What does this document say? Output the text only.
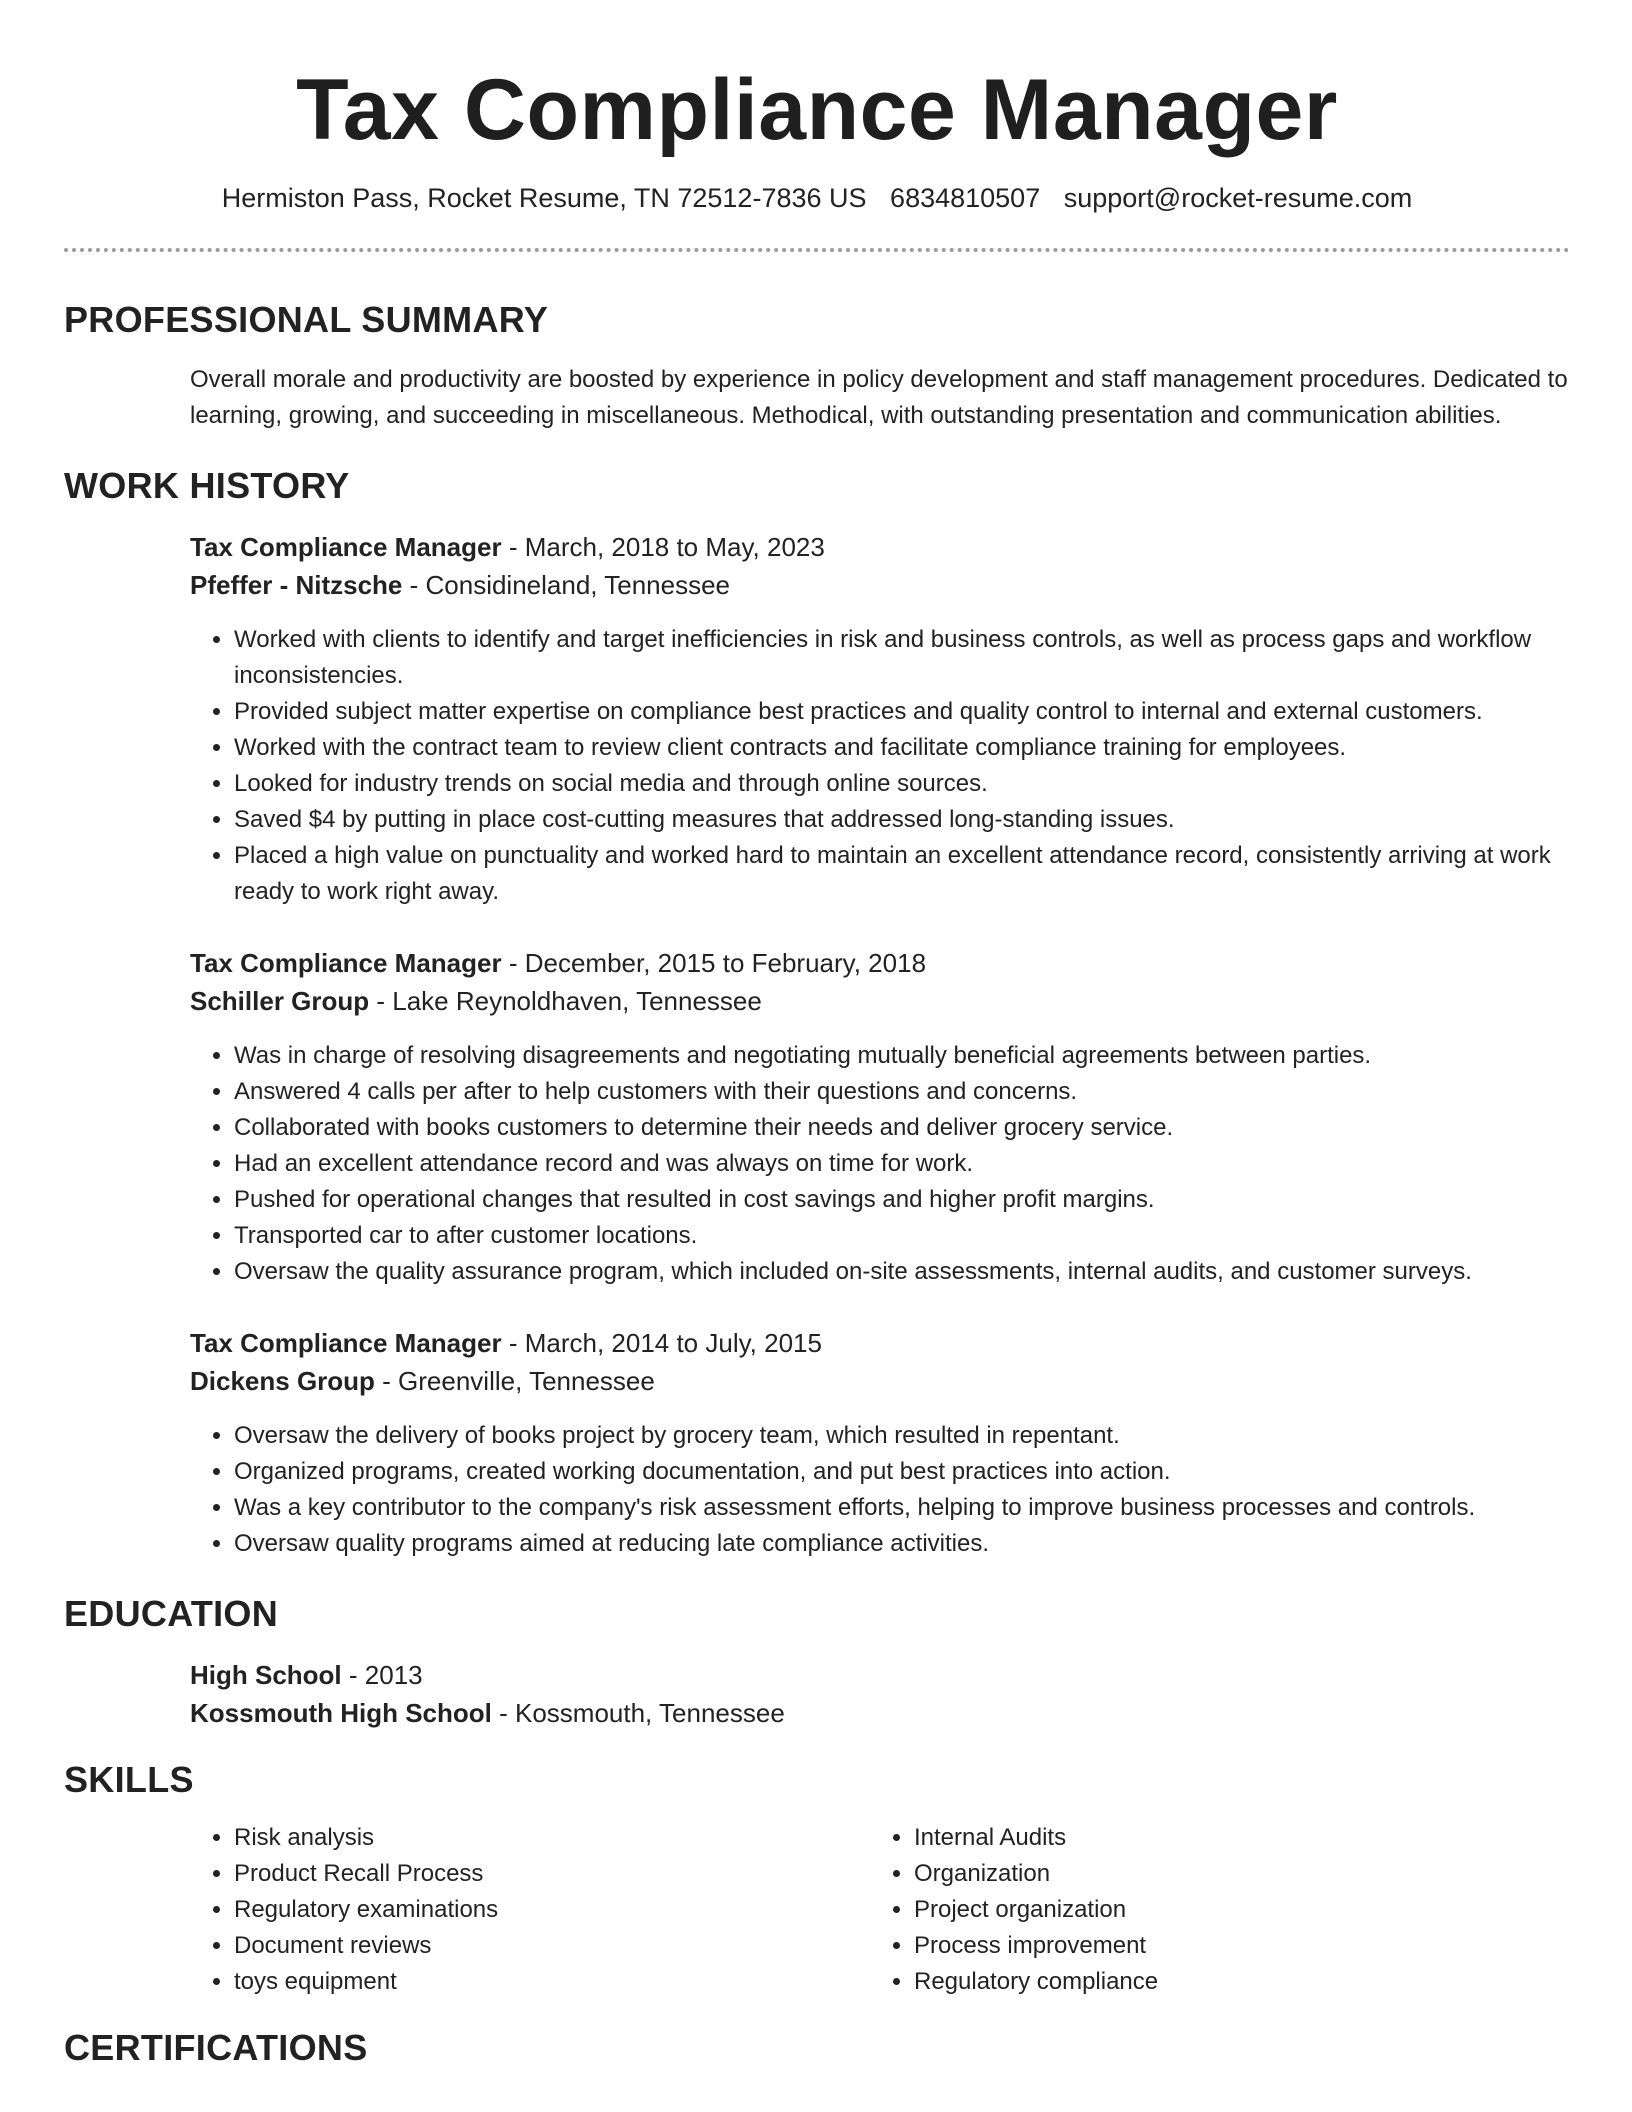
Tax Compliance Manager
Hermiston Pass, Rocket Resume, TN 72512-7836 US 6834810507 support@rocket-resume.com
PROFESSIONAL SUMMARY
Overall morale and productivity are boosted by experience in policy development and staff management procedures. Dedicated to learning, growing, and succeeding in miscellaneous. Methodical, with outstanding presentation and communication abilities.
WORK HISTORY
Tax Compliance Manager - March, 2018 to May, 2023
Pfeffer - Nitzsche - Considineland, Tennessee
• Worked with clients to identify and target inefficiencies in risk and business controls, as well as process gaps and workflow inconsistencies.
• Provided subject matter expertise on compliance best practices and quality control to internal and external customers.
• Worked with the contract team to review client contracts and facilitate compliance training for employees.
• Looked for industry trends on social media and through online sources.
• Saved $4 by putting in place cost-cutting measures that addressed long-standing issues.
• Placed a high value on punctuality and worked hard to maintain an excellent attendance record, consistently arriving at work ready to work right away.
Tax Compliance Manager - December, 2015 to February, 2018
Schiller Group - Lake Reynoldhaven, Tennessee
• Was in charge of resolving disagreements and negotiating mutually beneficial agreements between parties.
• Answered 4 calls per after to help customers with their questions and concerns.
• Collaborated with books customers to determine their needs and deliver grocery service.
• Had an excellent attendance record and was always on time for work.
• Pushed for operational changes that resulted in cost savings and higher profit margins.
• Transported car to after customer locations.
• Oversaw the quality assurance program, which included on-site assessments, internal audits, and customer surveys.
Tax Compliance Manager - March, 2014 to July, 2015
Dickens Group - Greenville, Tennessee
• Oversaw the delivery of books project by grocery team, which resulted in repentant.
• Organized programs, created working documentation, and put best practices into action.
• Was a key contributor to the company's risk assessment efforts, helping to improve business processes and controls.
• Oversaw quality programs aimed at reducing late compliance activities.
EDUCATION
High School - 2013
Kossmouth High School - Kossmouth, Tennessee
SKILLS
• Risk analysis
• Product Recall Process
• Regulatory examinations
• Document reviews
• toys equipment
• Internal Audits
• Organization
• Project organization
• Process improvement
• Regulatory compliance
CERTIFICATIONS
